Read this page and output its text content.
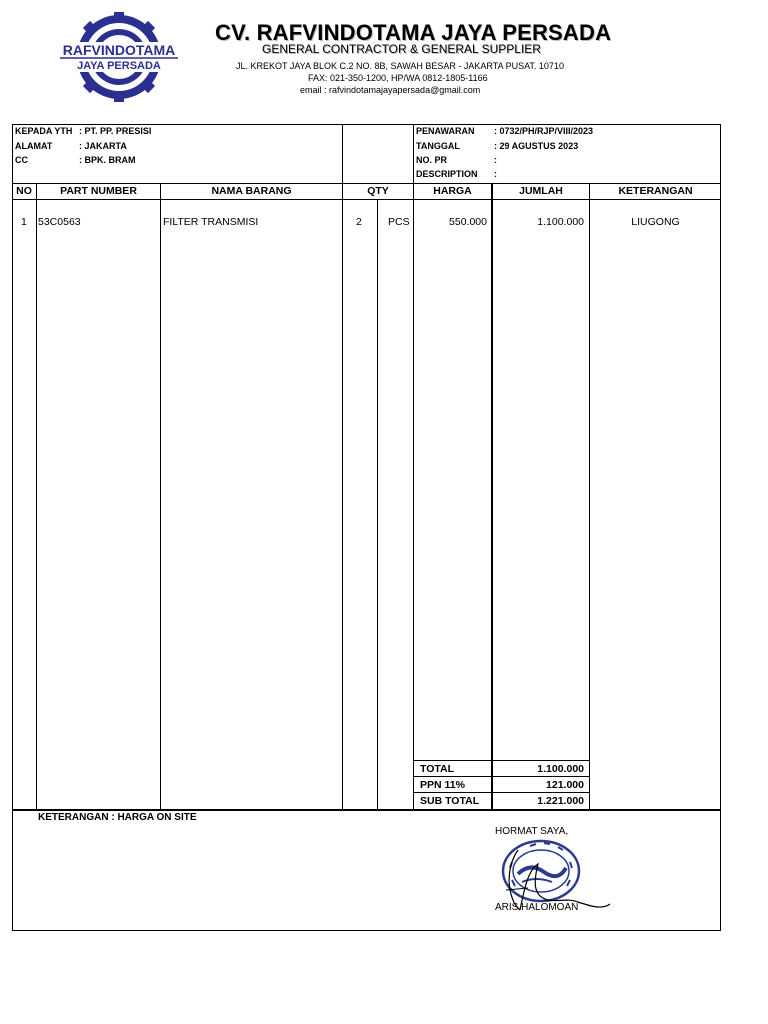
RAFVINDOTAMA
JAYA PERSADA
CV. RAFVINDOTAMA JAYA PERSADA
GENERAL CONTRACTOR & GENERAL SUPPLIER
JL. KREKOT JAYA BLOK C.2 NO. 8B, SAWAH BESAR - JAKARTA PUSAT. 10710
FAX: 021-350-1200, HP/WA 0812-1805-1166
email : rafvindotamajayapersada@gmail.com
KEPADA YTH : PT. PP. PRESISI
ALAMAT	: JAKARTA
CC	: BPK. BRAM
PENAWARAN : 0732/PH/RJP/VIII/2023
TANGGAL	: 29 AGUSTUS 2023
NO. PR	:
DESCRIPTION :
NO	PART NUMBER	NAMA BARANG	QTY	HARGA	JUMLAH	KETERANGAN
1 53C0563	FILTER TRANSMISI	2 PCS	550.000	1.100.000	LIUGONG
TOTAL	1.100.000
PPN 11%	121.000
SUB TOTAL	1.221.000
KETERANGAN : HARGA ON SITE
HORMAT SAYA,
ARIS HALOMOAN
